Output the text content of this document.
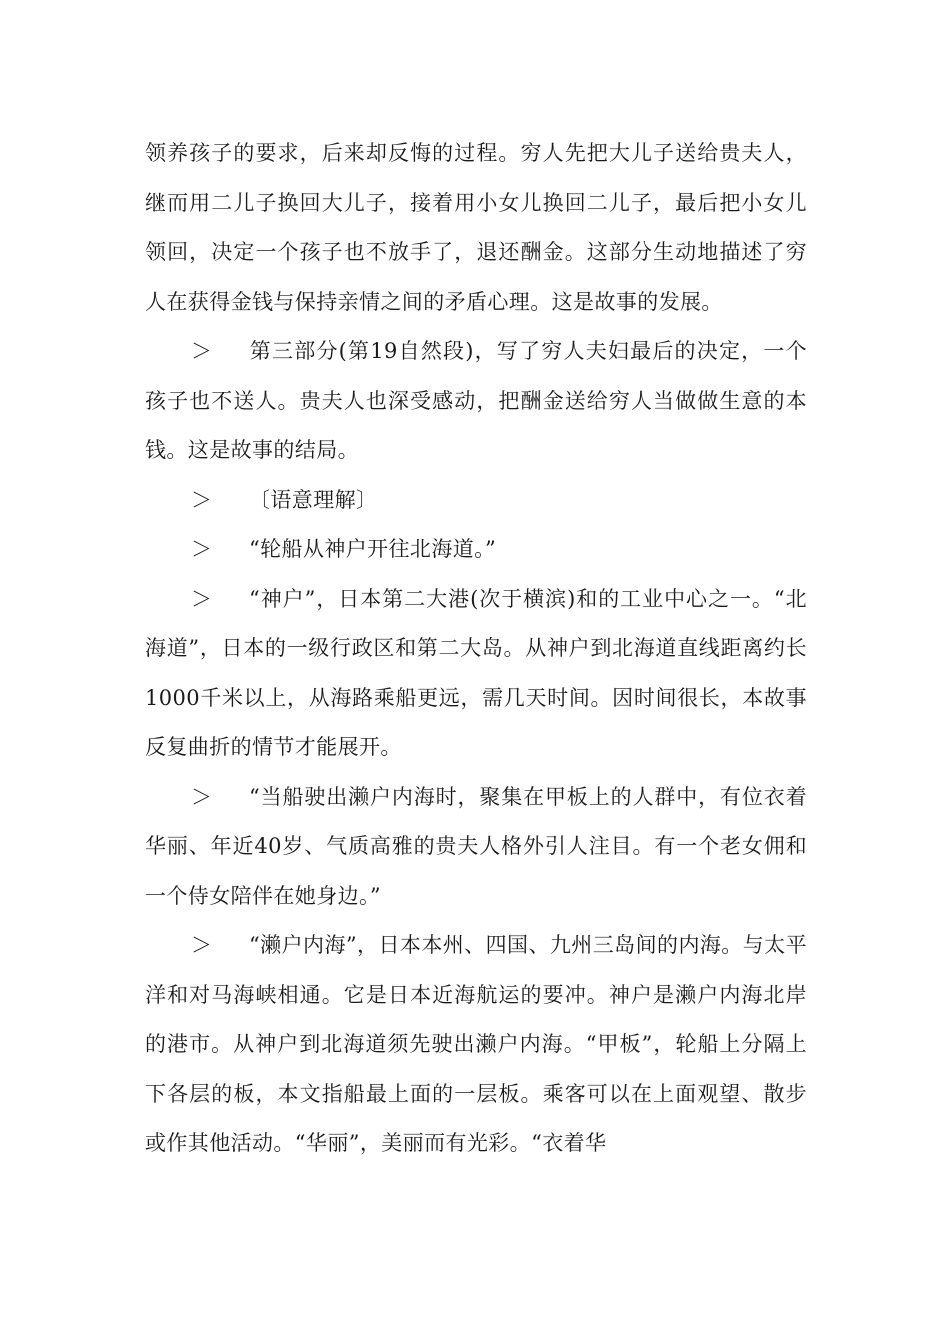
领养孩子的要求，后来却反悔的过程。穷人先把大儿子送给贵夫人，继而用二儿子换回大儿子，接着用小女儿换回二儿子，最后把小女儿领回，决定一个孩子也不放手了，退还酬金。这部分生动地描述了穷人在获得金钱与保持亲情之间的矛盾心理。这是故事的发展。

＞ 第三部分(第19自然段)，写了穷人夫妇最后的决定，一个孩子也不送人。贵夫人也深受感动，把酬金送给穷人当做做生意的本钱。这是故事的结局。

＞ 〔语意理解〕

＞ “轮船从神户开往北海道。”

＞ “神户”，日本第二大港(次于横滨)和的工业中心之一。“北海道”，日本的一级行政区和第二大岛。从神户到北海道直线距离约长1000千米以上，从海路乘船更远，需几天时间。因时间很长，本故事反复曲折的情节才能展开。

＞ “当船驶出濑户内海时，聚集在甲板上的人群中，有位衣着华丽、年近40岁、气质高雅的贵夫人格外引人注目。有一个老女佣和一个侍女陪伴在她身边。”

＞ “濑户内海”，日本本州、四国、九州三岛间的内海。与太平洋和对马海峡相通。它是日本近海航运的要冲。神户是濑户内海北岸的港市。从神户到北海道须先驶出濑户内海。“甲板”，轮船上分隔上下各层的板，本文指船最上面的一层板。乘客可以在上面观望、散步或作其他活动。“华丽”，美丽而有光彩。“衣着华
